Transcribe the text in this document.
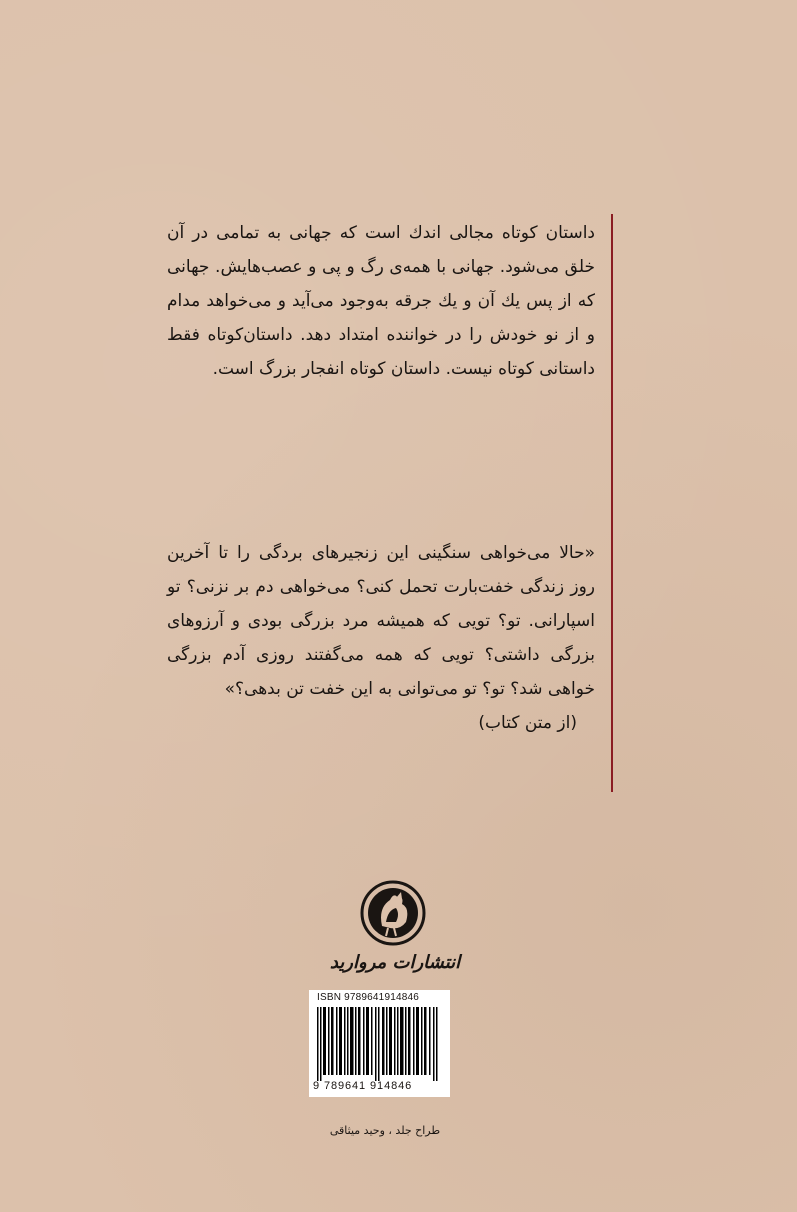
داستان کوتاه مجالی اندك است که جهانی به تمامی در آن خلق می‌شود. جهانی با همه‌ی رگ و پی و عصب‌هایش. جهانی که از پس یك آن و یك جرقه به‌وجود می‌آید و می‌خواهد مدام و از نو خودش را در خواننده امتداد دهد. داستان‌کوتاه فقط داستانی کوتاه نیست. داستان کوتاه انفجار بزرگ است.

«حالا می‌خواهی سنگینی این زنجیرهای بردگی را تا آخرین روز زندگی خفت‌بارت تحمل کنی؟ می‌خواهی دم بر نزنی؟ تو اسپارانی. تو؟ تویی که همیشه مرد بزرگی بودی و آرزوهای بزرگی داشتی؟ تویی که همه می‌گفتند روزی آدم بزرگی خواهی شد؟ تو؟ تو می‌توانی به این خفت تن بدهی؟»

(از متن کتاب)
انتشارات مروارید
ISBN 9789641914846
9 789641 914846
طراح جلد ، وحید میثاقی
